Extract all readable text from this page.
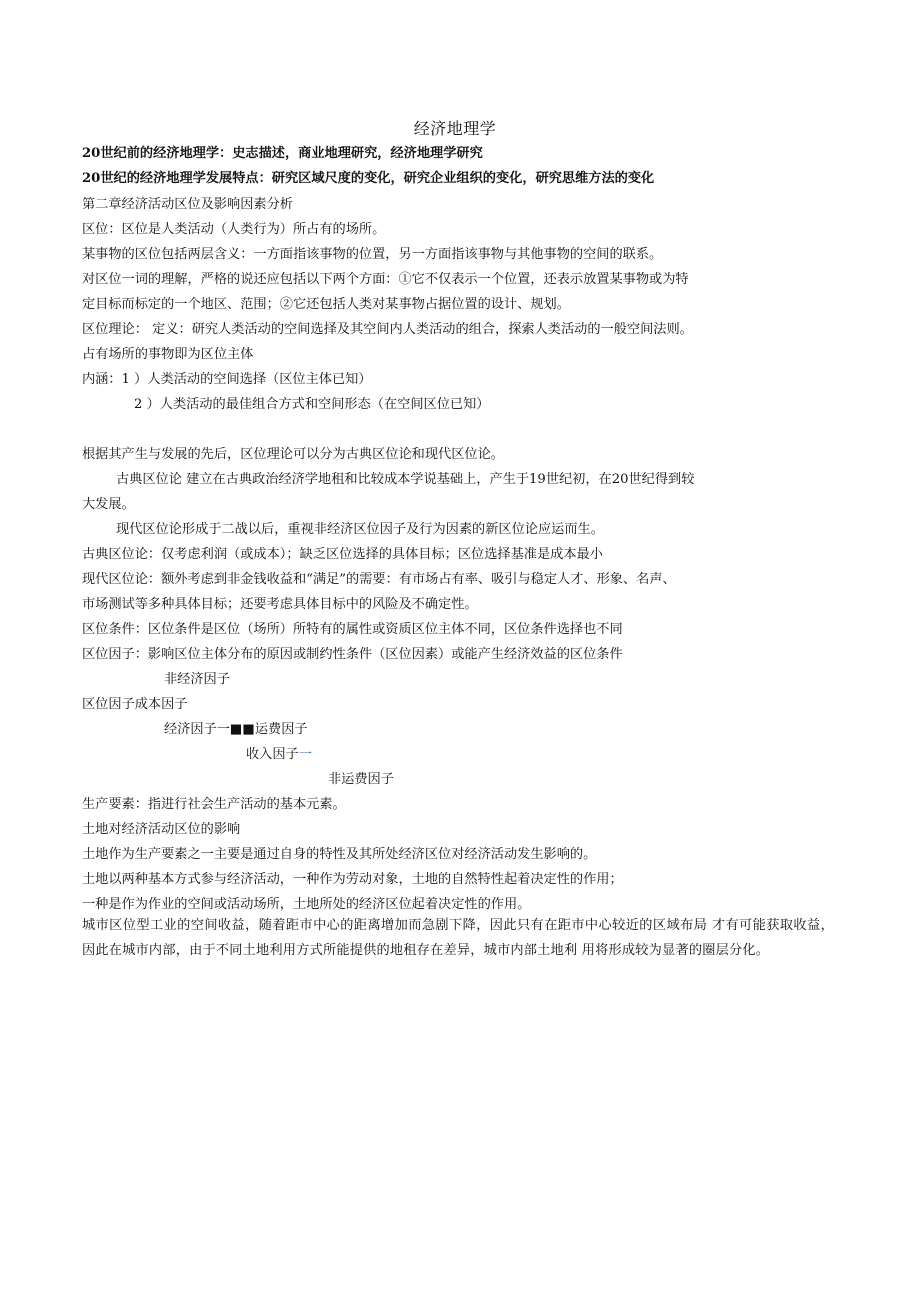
经济地理学
20世纪前的经济地理学：史志描述，商业地理研究，经济地理学研究
20世纪的经济地理学发展特点：研究区域尺度的变化，研究企业组织的变化，研究思维方法的变化
第二章经济活动区位及影响因素分析
区位：区位是人类活动（人类行为）所占有的场所。
某事物的区位包括两层含义：一方面指该事物的位置，另一方面指该事物与其他事物的空间的联系。
对区位一词的理解，严格的说还应包括以下两个方面：①它不仅表示一个位置，还表示放置某事物或为特
定目标而标定的一个地区、范围；②它还包括人类对某事物占据位置的设计、规划。
区位理论： 定义：研究人类活动的空间选择及其空间内人类活动的组合，探索人类活动的一般空间法则。
占有场所的事物即为区位主体
内涵：1 ）人类活动的空间选择（区位主体已知）
2 ）人类活动的最佳组合方式和空间形态（在空间区位已知）
根据其产生与发展的先后，区位理论可以分为古典区位论和现代区位论。
古典区位论 建立在古典政治经济学地租和比较成本学说基础上，产生于19世纪初，在20世纪得到较
大发展。
现代区位论形成于二战以后，重视非经济区位因子及行为因素的新区位论应运而生。
古典区位论：仅考虑利润（或成本）；缺乏区位选择的具体目标；区位选择基准是成本最小
现代区位论：额外考虑到非金钱收益和“满足”的需要：有市场占有率、吸引与稳定人才、形象、名声、
市场测试等多种具体目标；还要考虑具体目标中的风险及不确定性。
区位条件：区位条件是区位（场所）所特有的属性或资质区位主体不同，区位条件选择也不同
区位因子：影响区位主体分布的原因或制约性条件（区位因素）或能产生经济效益的区位条件
非经济因子
区位因子成本因子
经济因子一■■运费因子
收入因子一
非运费因子
生产要素：指进行社会生产活动的基本元素。
土地对经济活动区位的影响
土地作为生产要素之一主要是通过自身的特性及其所处经济区位对经济活动发生影响的。
土地以两种基本方式参与经济活动，一种作为劳动对象，土地的自然特性起着决定性的作用；
一种是作为作业的空间或活动场所，土地所处的经济区位起着决定性的作用。
城市区位型工业的空间收益，随着距市中心的距离增加而急剧下降，因此只有在距市中心较近的区域布局 才有可能获取收益，因此在城市内部，由于不同土地利用方式所能提供的地租存在差异，城市内部土地利 用将形成较为显著的圈层分化。
